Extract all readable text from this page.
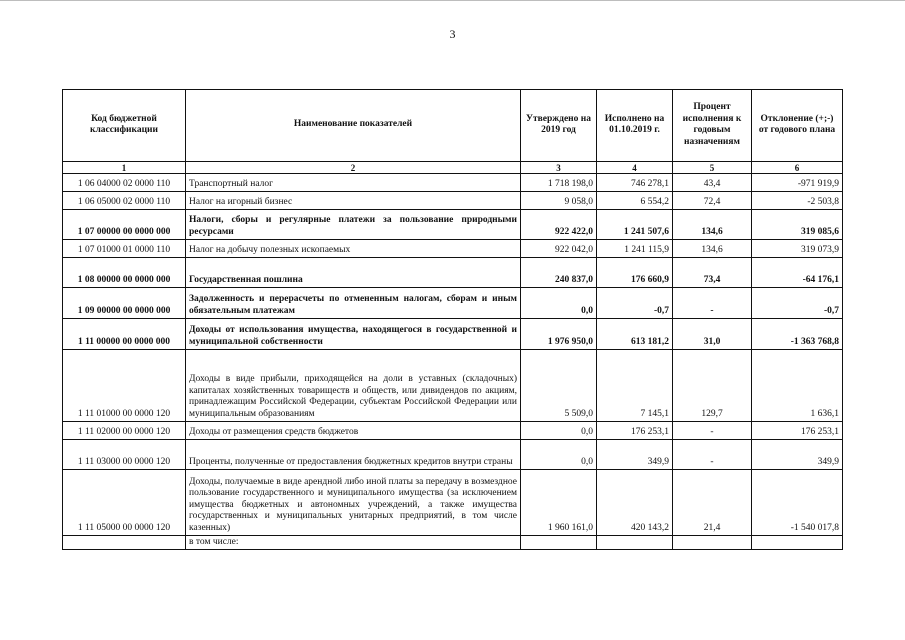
3
Код бюджетной классификации	Наименование показателей	Утверждено на 2019 год	Исполнено на 01.10.2019 г.	Процент исполнения к годовым назначениям	Отклонение (+;-) от годового плана
1	2	3	4	5	6
1 06 04000 02 0000 110	Транспортный налог	1 718 198,0	746 278,1	43,4	-971 919,9
1 06 05000 02 0000 110	Налог на игорный бизнес	9 058,0	6 554,2	72,4	-2 503,8
1 07 00000 00 0000 000	Налоги, сборы и регулярные платежи за пользование природными ресурсами	922 422,0	1 241 507,6	134,6	319 085,6
1 07 01000 01 0000 110	Налог на добычу полезных ископаемых	922 042,0	1 241 115,9	134,6	319 073,9
1 08 00000 00 0000 000	Государственная пошлина	240 837,0	176 660,9	73,4	-64 176,1
1 09 00000 00 0000 000	Задолженность и перерасчеты по отмененным налогам, сборам и иным обязательным платежам	0,0	-0,7	-	-0,7
1 11 00000 00 0000 000	Доходы от использования имущества, находящегося в государственной и муниципальной собственности	1 976 950,0	613 181,2	31,0	-1 363 768,8
1 11 01000 00 0000 120	Доходы в виде прибыли, приходящейся на доли в уставных (складочных) капиталах хозяйственных товариществ и обществ, или дивидендов по акциям, принадлежащим Российской Федерации, субъектам Российской Федерации или муниципальным образованиям	5 509,0	7 145,1	129,7	1 636,1
1 11 02000 00 0000 120	Доходы от размещения средств бюджетов	0,0	176 253,1	-	176 253,1
1 11 03000 00 0000 120	Проценты, полученные от предоставления бюджетных кредитов внутри страны	0,0	349,9	-	349,9
1 11 05000 00 0000 120	Доходы, получаемые в виде арендной либо иной платы за передачу в возмездное пользование государственного и муниципального имущества (за исключением имущества бюджетных и автономных учреждений, а также имущества государственных и муниципальных унитарных предприятий, в том числе казенных)	1 960 161,0	420 143,2	21,4	-1 540 017,8
	в том числе:				
